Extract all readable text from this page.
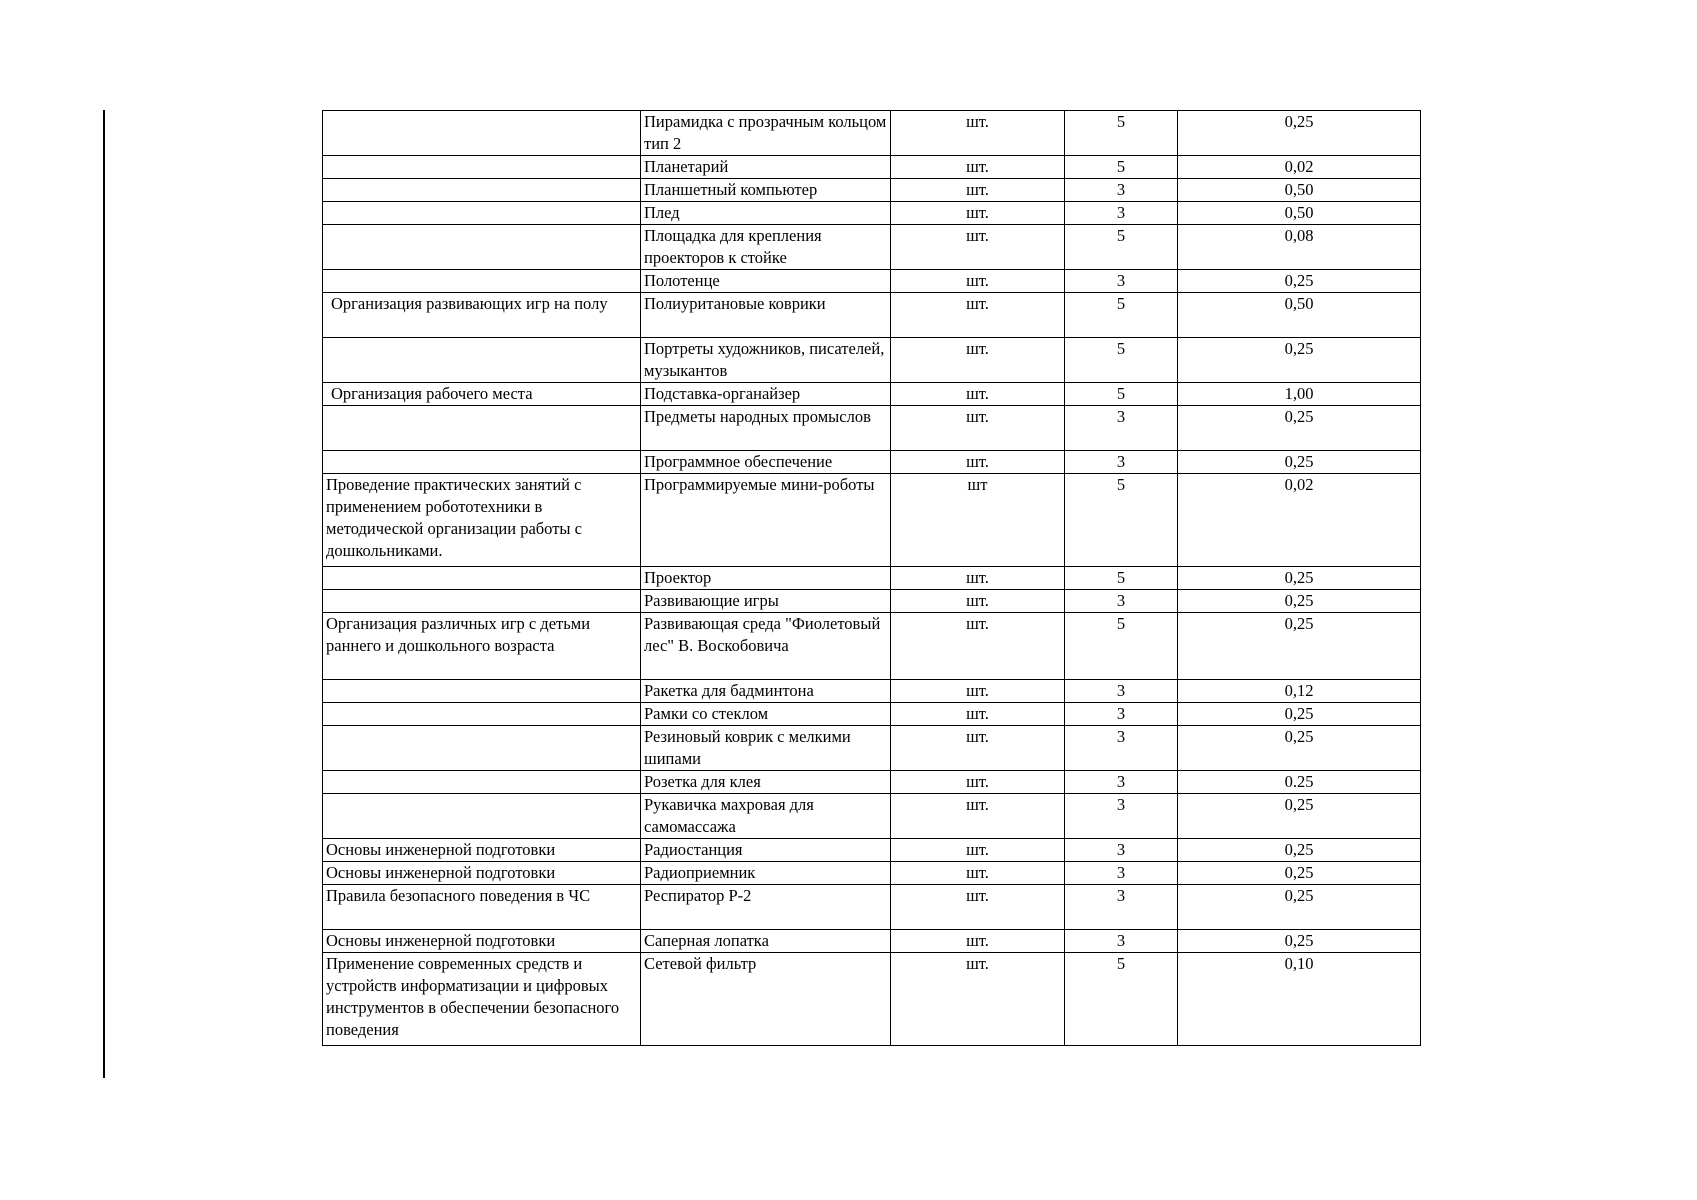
	Пирамидка с прозрачным кольцом тип 2	шт.	5	0,25
	Планетарий	шт.	5	0,02
	Планшетный компьютер	шт.	3	0,50
	Плед	шт.	3	0,50
	Площадка для крепления проекторов к стойке	шт.	5	0,08
	Полотенце	шт.	3	0,25
Организация развивающих игр на полу	Полиуритановые коврики	шт.	5	0,50
	Портреты художников, писателей, музыкантов	шт.	5	0,25
Организация рабочего места	Подставка-органайзер	шт.	5	1,00
	Предметы народных промыслов	шт.	3	0,25
	Программное обеспечение	шт.	3	0,25
Проведение практических занятий с применением робототехники в методической организации работы с дошкольниками.	Программируемые мини-роботы	шт	5	0,02
	Проектор	шт.	5	0,25
	Развивающие игры	шт.	3	0,25
Организация различных игр с детьми раннего и дошкольного возраста	Развивающая среда "Фиолетовый лес" В. Воскобовича	шт.	5	0,25
	Ракетка для бадминтона	шт.	3	0,12
	Рамки со стеклом	шт.	3	0,25
	Резиновый коврик с мелкими шипами	шт.	3	0,25
	Розетка для клея	шт.	3	0.25
	Рукавичка махровая для самомассажа	шт.	3	0,25
Основы инженерной подготовки	Радиостанция	шт.	3	0,25
Основы инженерной подготовки	Радиоприемник	шт.	3	0,25
Правила безопасного поведения в ЧС	Респиратор Р-2	шт.	3	0,25
Основы инженерной подготовки	Саперная лопатка	шт.	3	0,25
Применение современных средств и устройств информатизации и цифровых инструментов в обеспечении безопасного поведения	Сетевой фильтр	шт.	5	0,10
